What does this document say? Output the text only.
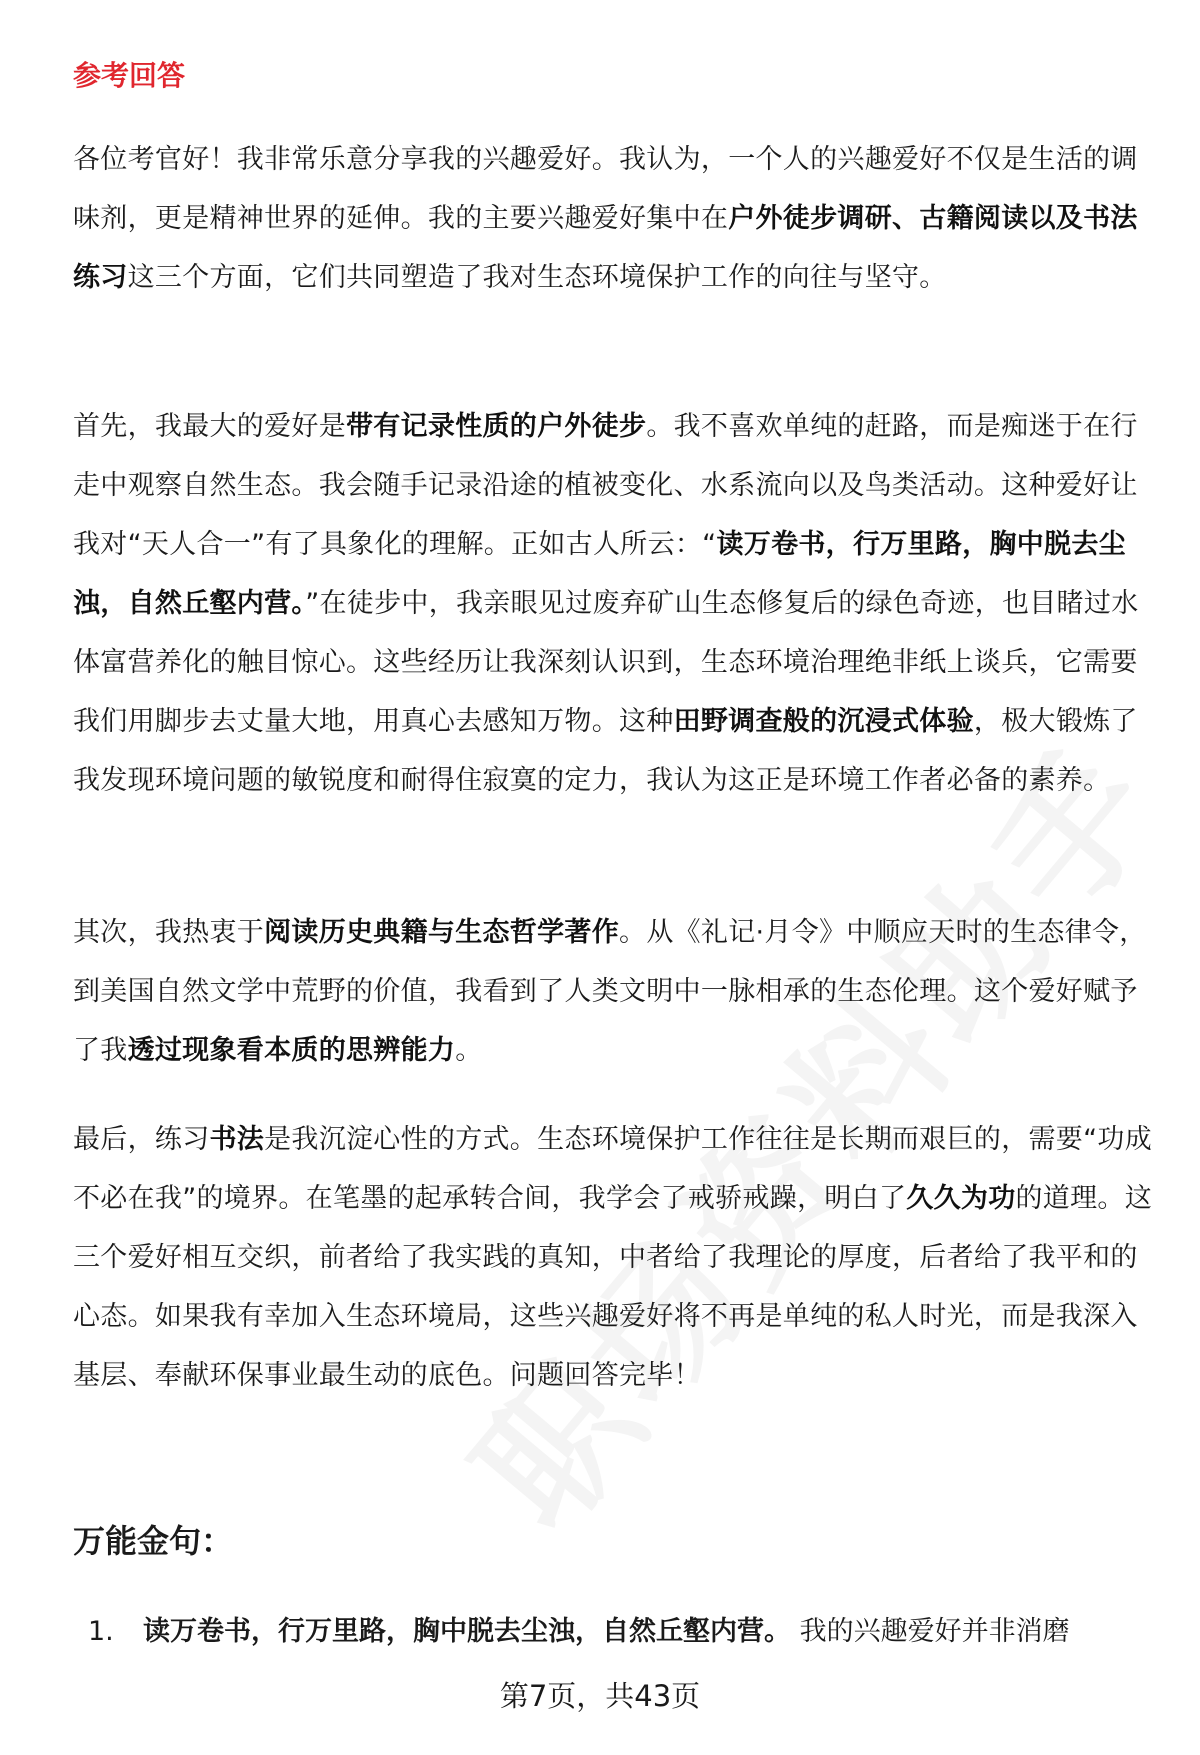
参考回答

各位考官好！我非常乐意分享我的兴趣爱好。我认为，一个人的兴趣爱好不仅是生活的调味剂，更是精神世界的延伸。我的主要兴趣爱好集中在户外徒步调研、古籍阅读以及书法练习这三个方面，它们共同塑造了我对生态环境保护工作的向往与坚守。

首先，我最大的爱好是带有记录性质的户外徒步。我不喜欢单纯的赶路，而是痴迷于在行走中观察自然生态。我会随手记录沿途的植被变化、水系流向以及鸟类活动。这种爱好让我对“天人合一”有了具象化的理解。正如古人所云：“读万卷书，行万里路，胸中脱去尘浊，自然丘壑内营。”在徒步中，我亲眼见过废弃矿山生态修复后的绿色奇迹，也目睹过水体富营养化的触目惊心。这些经历让我深刻认识到，生态环境治理绝非纸上谈兵，它需要我们用脚步去丈量大地，用真心去感知万物。这种田野调查般的沉浸式体验，极大锻炼了我发现环境问题的敏锐度和耐得住寂寞的定力，我认为这正是环境工作者必备的素养。

其次，我热衷于阅读历史典籍与生态哲学著作。从《礼记·月令》中顺应天时的生态律令，到美国自然文学中荒野的价值，我看到了人类文明中一脉相承的生态伦理。这个爱好赋予了我透过现象看本质的思辨能力。

最后，练习书法是我沉淀心性的方式。生态环境保护工作往往是长期而艰巨的，需要“功成不必在我”的境界。在笔墨的起承转合间，我学会了戒骄戒躁，明白了久久为功的道理。这三个爱好相互交织，前者给了我实践的真知，中者给了我理论的厚度，后者给了我平和的心态。如果我有幸加入生态环境局，这些兴趣爱好将不再是单纯的私人时光，而是我深入基层、奉献环保事业最生动的底色。问题回答完毕！

万能金句：
1. 读万卷书，行万里路，胸中脱去尘浊，自然丘壑内营。 我的兴趣爱好并非消磨
第7页，共43页
